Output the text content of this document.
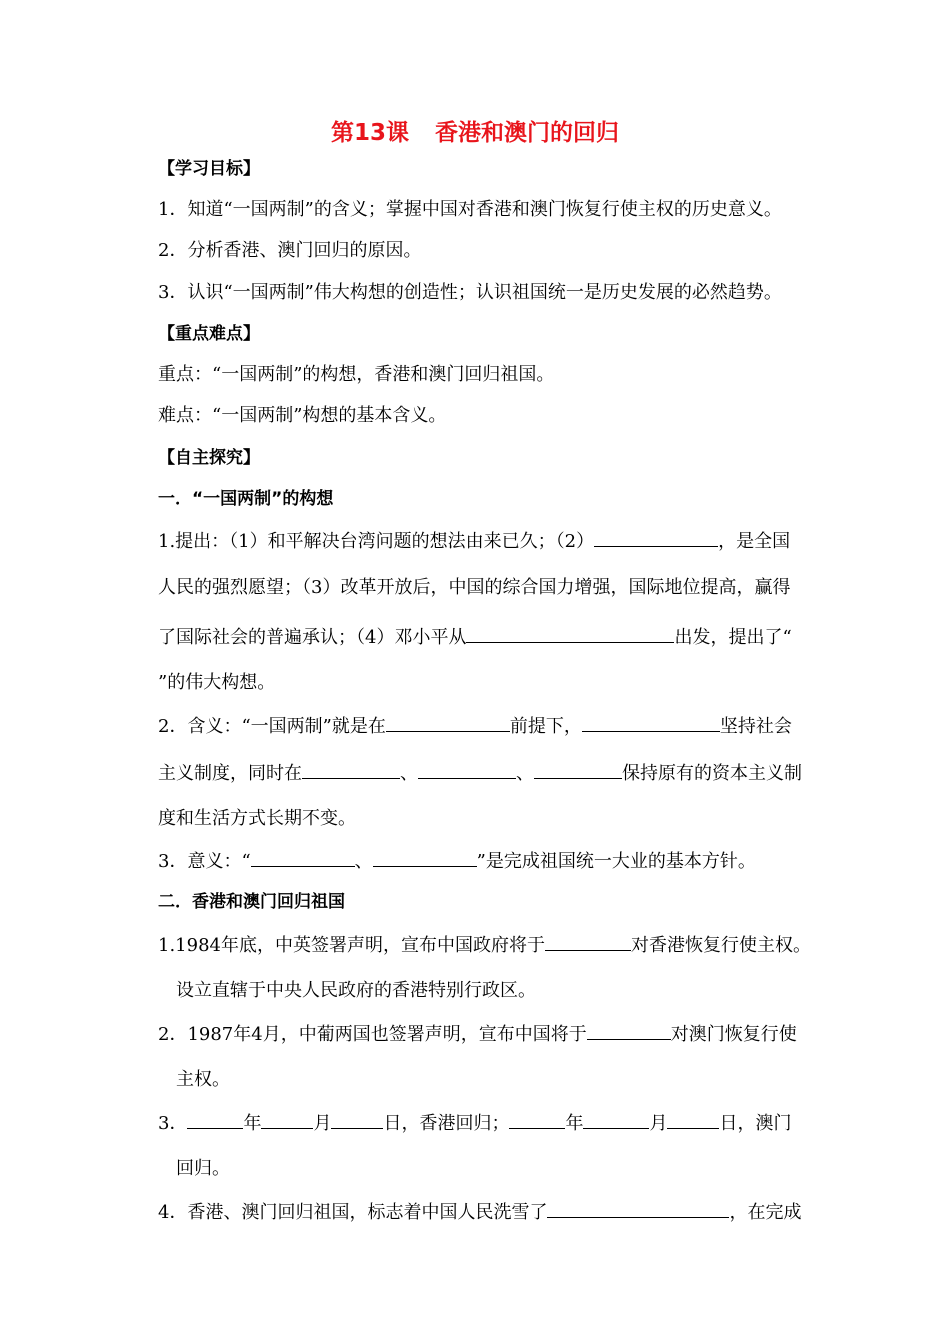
第13课 香港和澳门的回归
【学习目标】
1．知道“一国两制”的含义；掌握中国对香港和澳门恢复行使主权的历史意义。
2．分析香港、澳门回归的原因。
3．认识“一国两制”伟大构想的创造性；认识祖国统一是历史发展的必然趋势。
【重点难点】
重点：“一国两制”的构想，香港和澳门回归祖国。
难点：“一国两制”构想的基本含义。
【自主探究】
一．“一国两制”的构想
1.提出：（1）和平解决台湾问题的想法由来已久；（2）	，是全国
人民的强烈愿望；（3）改革开放后，中国的综合国力增强，国际地位提高，赢得
了国际社会的普遍承认；（4）邓小平从	出发，提出了“
”的伟大构想。
2．含义：“一国两制”就是在	前提下，	坚持社会
主义制度，同时在	、	、	保持原有的资本主义制
度和生活方式长期不变。
3．意义：“	、	”是完成祖国统一大业的基本方针。
二．香港和澳门回归祖国
1.1984年底，中英签署声明，宣布中国政府将于	对香港恢复行使主权。
设立直辖于中央人民政府的香港特别行政区。
2．1987年4月，中葡两国也签署声明，宣布中国将于	对澳门恢复行使
主权。
3．	年	月	日，香港回归；	年	月	日，澳门
回归。
4．香港、澳门回归祖国，标志着中国人民洗雪了	，在完成
